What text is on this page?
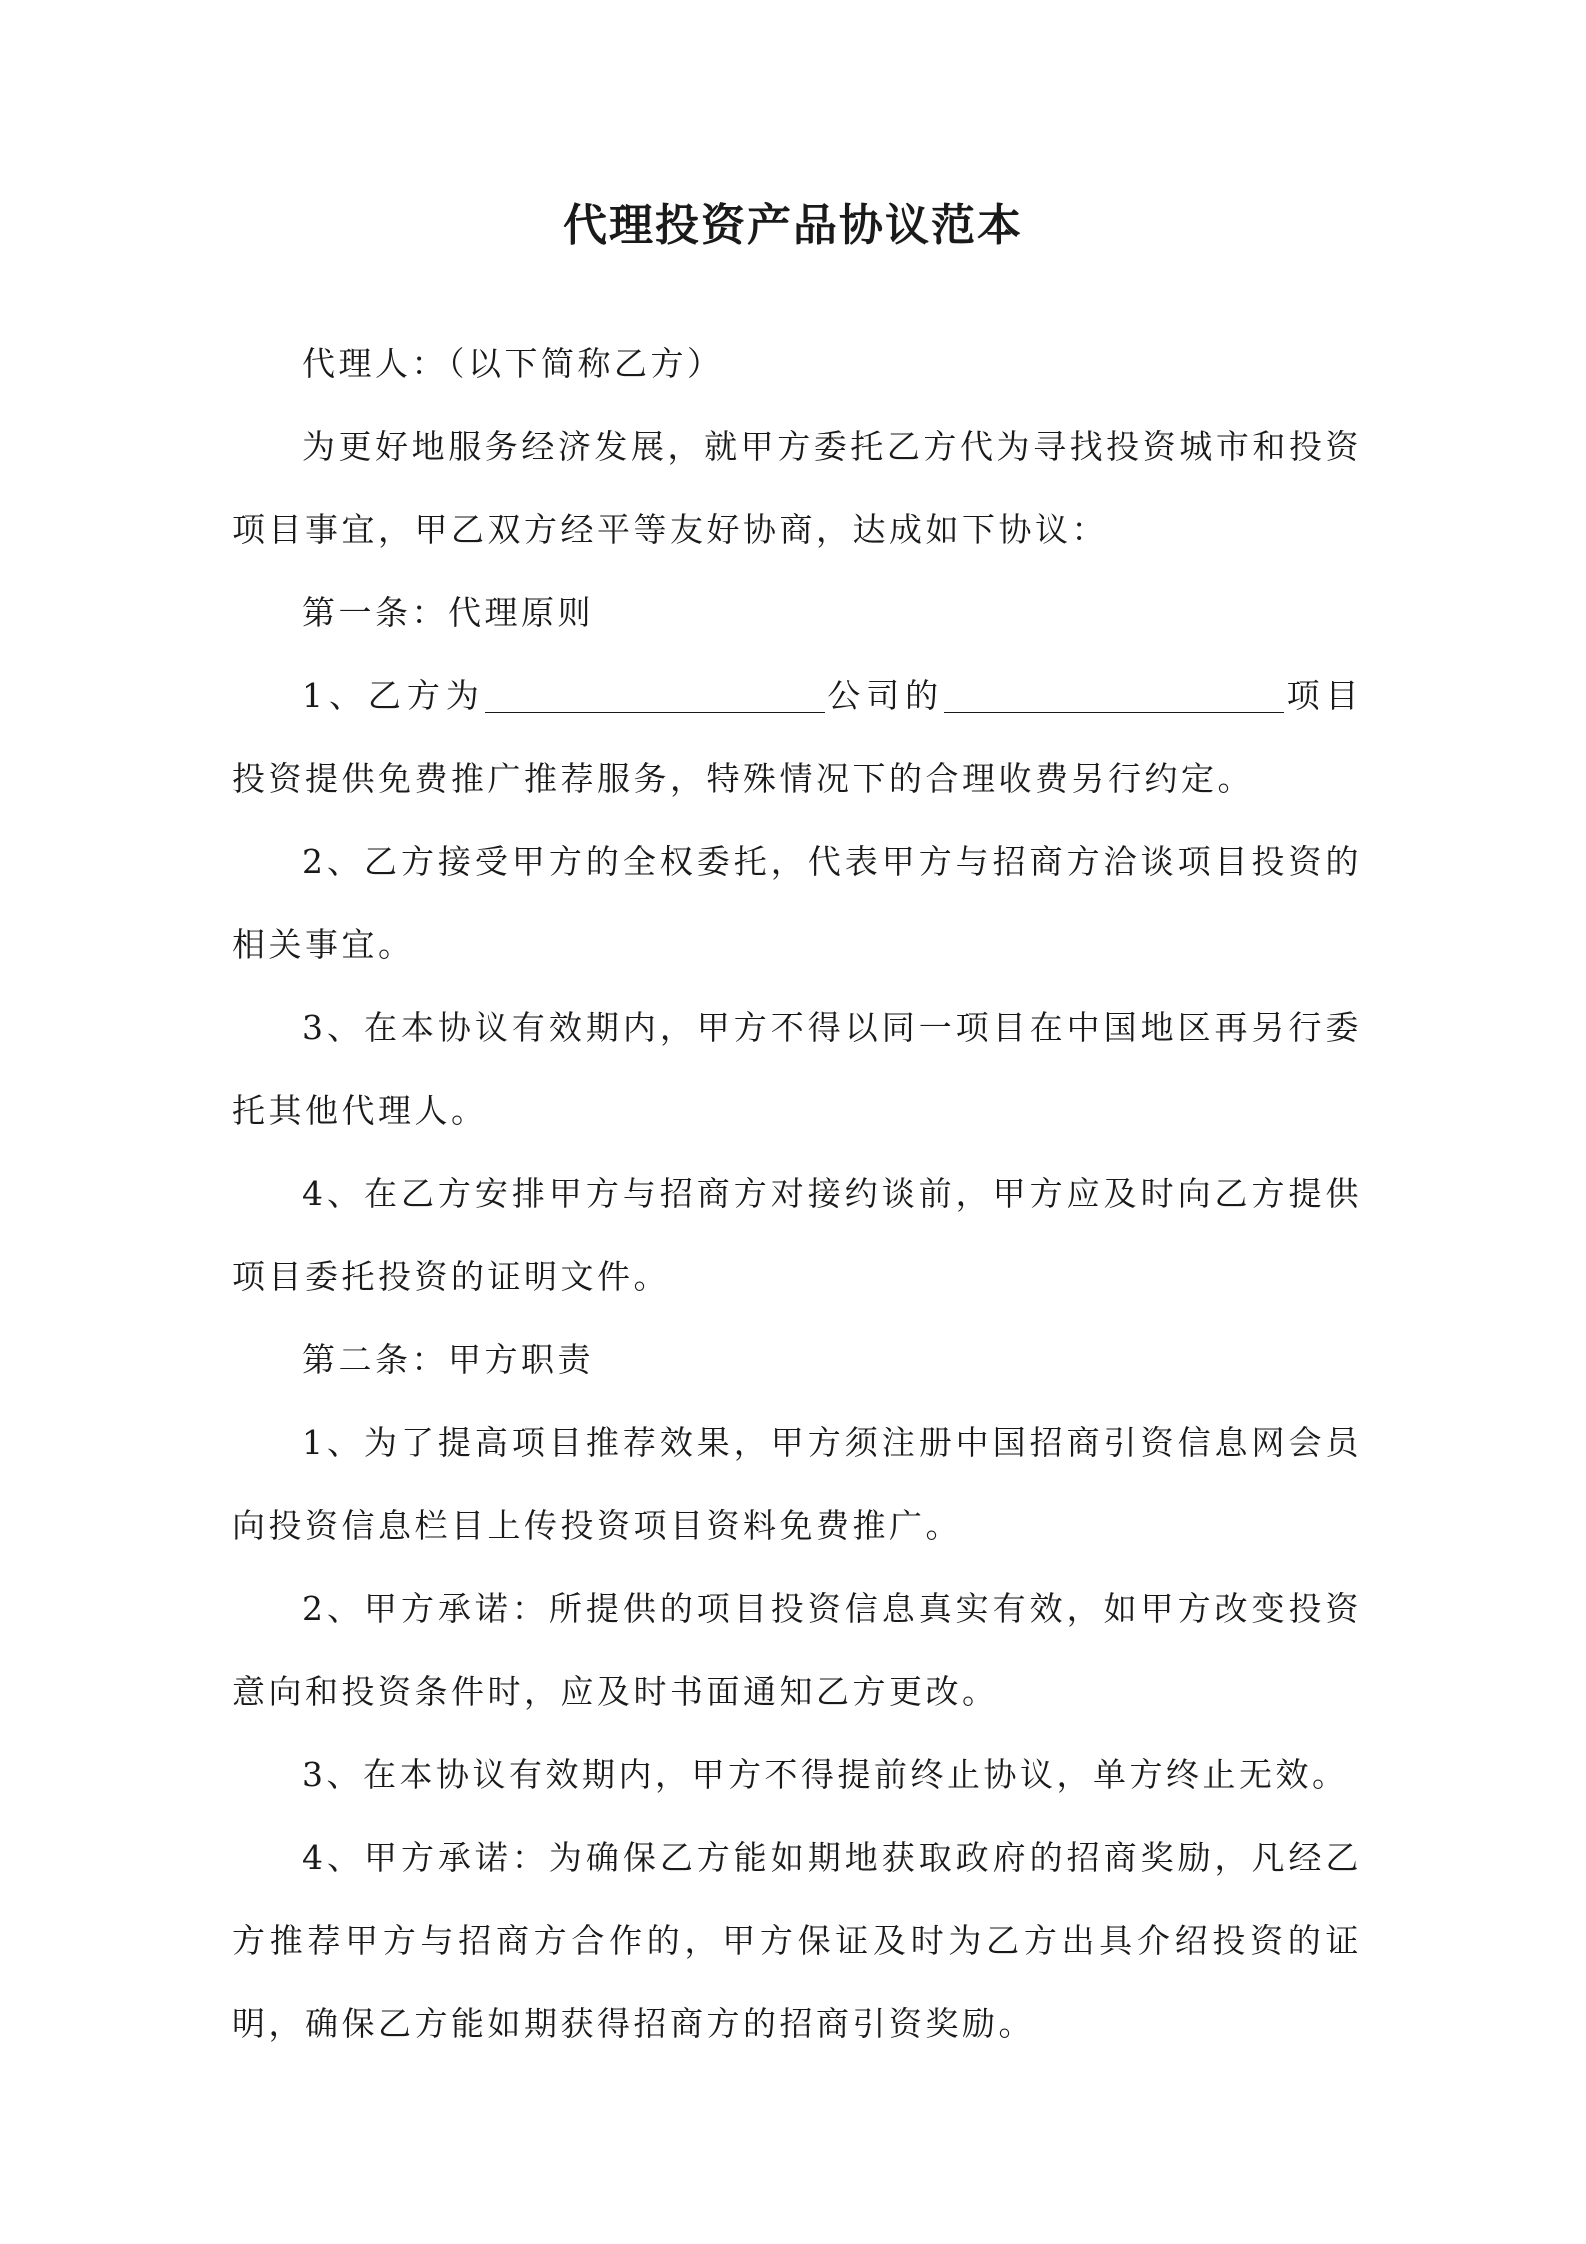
代理投资产品协议范本

代理人：（以下简称乙方）

为更好地服务经济发展，就甲方委托乙方代为寻找投资城市和投资项目事宜，甲乙双方经平等友好协商，达成如下协议：

第一条：代理原则

1、乙方为	公司的	项目投资提供免费推广推荐服务，特殊情况下的合理收费另行约定。

2、乙方接受甲方的全权委托，代表甲方与招商方洽谈项目投资的相关事宜。

3、在本协议有效期内，甲方不得以同一项目在中国地区再另行委托其他代理人。

4、在乙方安排甲方与招商方对接约谈前，甲方应及时向乙方提供项目委托投资的证明文件。

第二条：甲方职责

1、为了提高项目推荐效果，甲方须注册中国招商引资信息网会员向投资信息栏目上传投资项目资料免费推广。

2、甲方承诺：所提供的项目投资信息真实有效，如甲方改变投资意向和投资条件时，应及时书面通知乙方更改。

3、在本协议有效期内，甲方不得提前终止协议，单方终止无效。

4、甲方承诺：为确保乙方能如期地获取政府的招商奖励，凡经乙方推荐甲方与招商方合作的，甲方保证及时为乙方出具介绍投资的证明，确保乙方能如期获得招商方的招商引资奖励。
